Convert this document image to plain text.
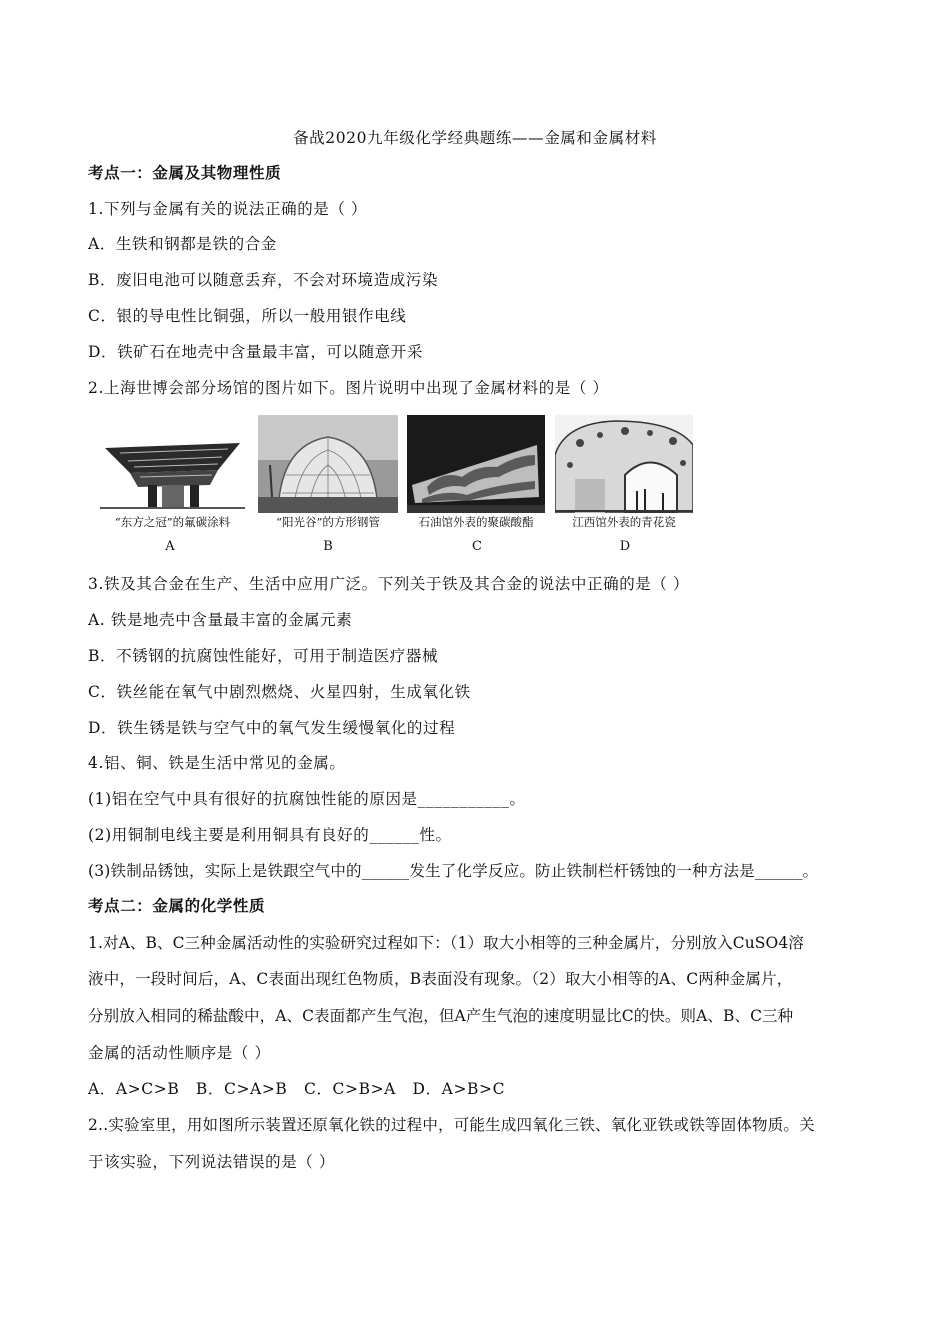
备战2020九年级化学经典题练——金属和金属材料
考点一：金属及其物理性质
1.下列与金属有关的说法正确的是（ ）
A．生铁和钢都是铁的合金
B．废旧电池可以随意丢弃，不会对环境造成污染
C．银的导电性比铜强，所以一般用银作电线
D．铁矿石在地壳中含量最丰富，可以随意开采
2.上海世博会部分场馆的图片如下。图片说明中出现了金属材料的是（ ）
“东方之冠”的氟碳涂料
A
“阳光谷”的方形钢管
B
石油馆外表的聚碳酸酯
C
江西馆外表的青花瓷
D
3.铁及其合金在生产、生活中应用广泛。下列关于铁及其合金的说法中正确的是（ ）
A. 铁是地壳中含量最丰富的金属元素
B．不锈钢的抗腐蚀性能好，可用于制造医疗器械
C．铁丝能在氧气中剧烈燃烧、火星四射，生成氧化铁
D．铁生锈是铁与空气中的氧气发生缓慢氧化的过程
4.铝、铜、铁是生活中常见的金属。
(1)铝在空气中具有很好的抗腐蚀性能的原因是___________。
(2)用铜制电线主要是利用铜具有良好的______性。
(3)铁制品锈蚀，实际上是铁跟空气中的______发生了化学反应。防止铁制栏杆锈蚀的一种方法是______。
考点二：金属的化学性质
1.对A、B、C三种金属活动性的实验研究过程如下：（1）取大小相等的三种金属片，分别放入CuSO4溶
液中，一段时间后，A、C表面出现红色物质，B表面没有现象。（2）取大小相等的A、C两种金属片，
分别放入相同的稀盐酸中，A、C表面都产生气泡，但A产生气泡的速度明显比C的快。则A、B、C三种
金属的活动性顺序是（ ）
A．A>C>B   B．C>A>B   C．C>B>A   D．A>B>C
2..实验室里，用如图所示装置还原氧化铁的过程中，可能生成四氧化三铁、氧化亚铁或铁等固体物质。关
于该实验，下列说法错误的是（ ）
